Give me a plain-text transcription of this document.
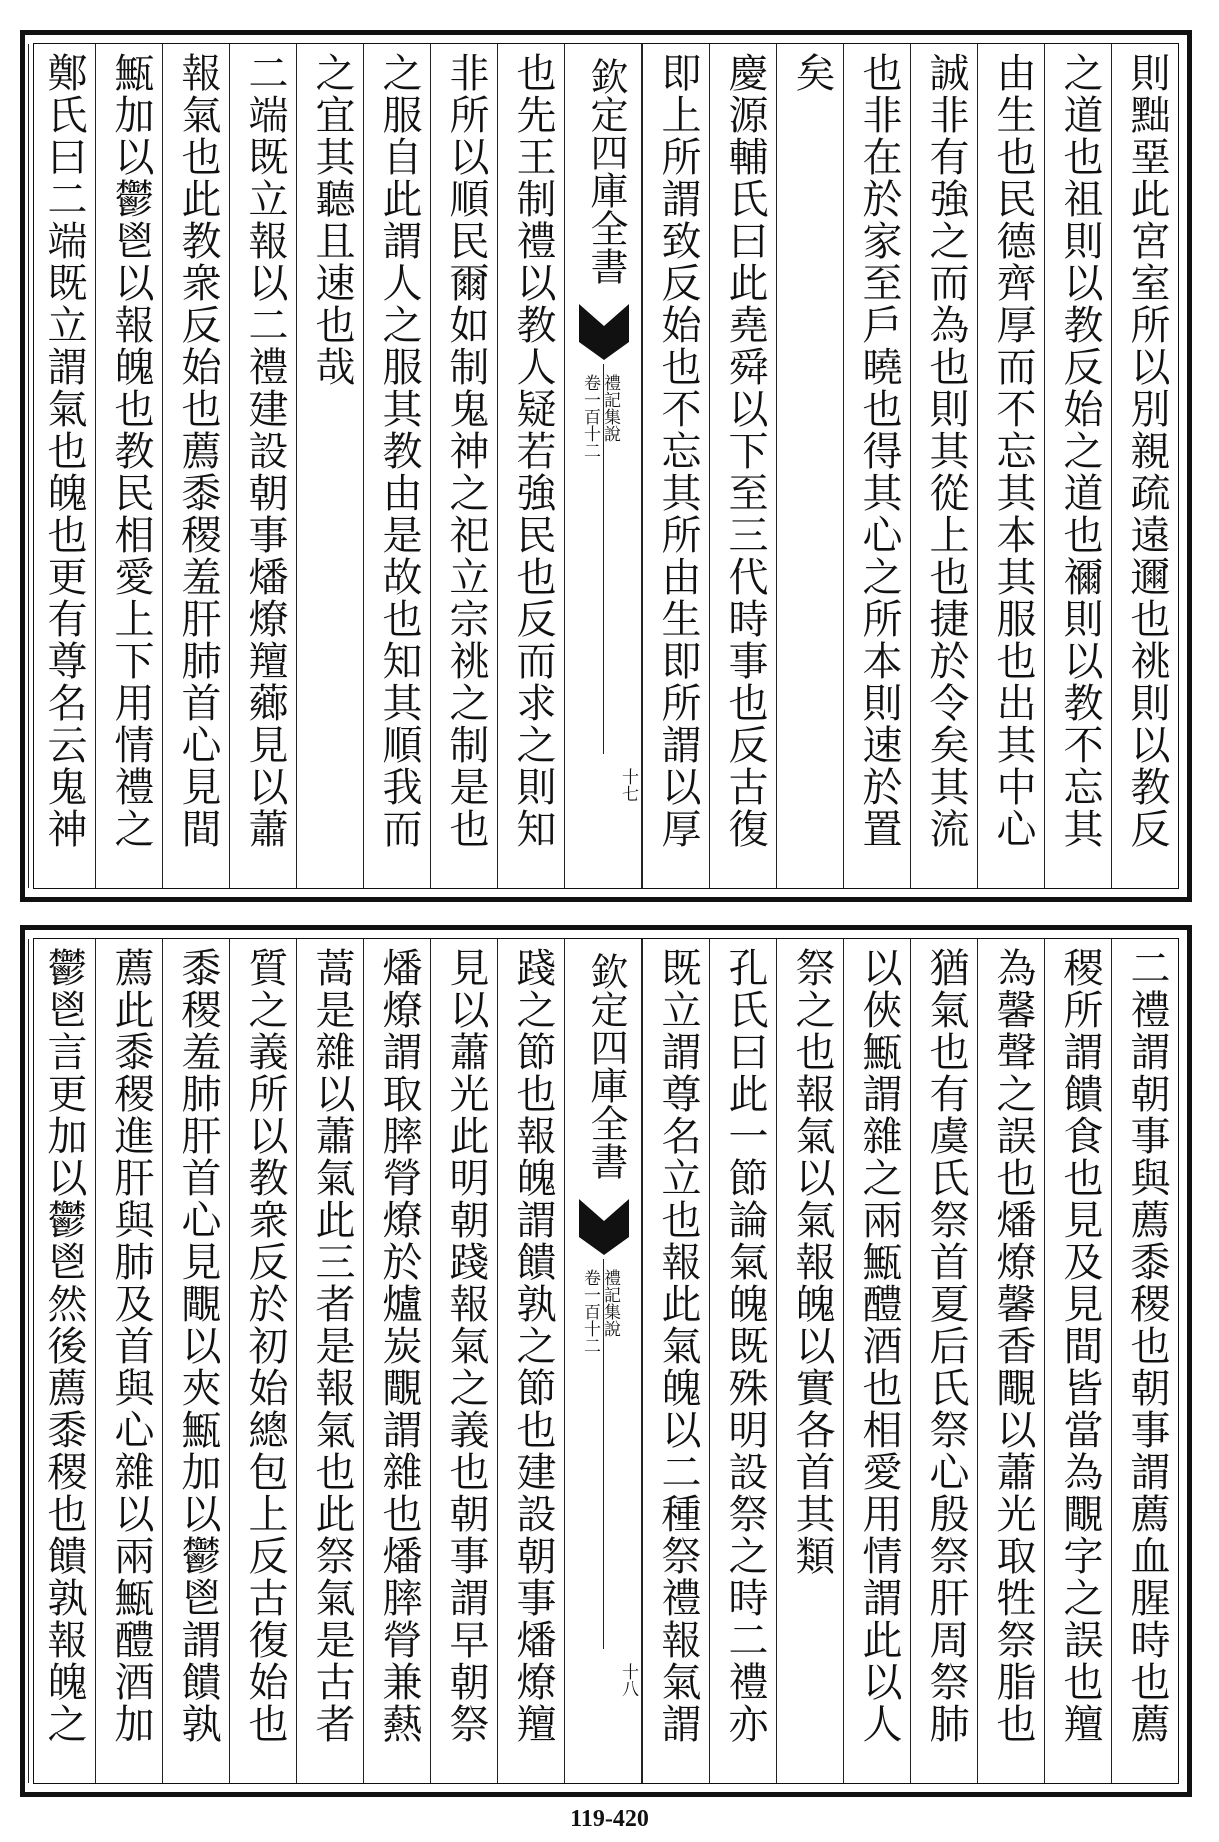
則黜堊此宮室所以別親疏遠邇也祧則以教反
之道也祖則以教反始之道也禰則以教不忘其
由生也民德齊厚而不忘其本其服也出其中心
誠非有強之而為也則其從上也捷於令矣其流
也非在於家至戶曉也得其心之所本則速於置
矣
慶源輔氏曰此堯舜以下至三代時事也反古復
即上所謂致反始也不忘其所由生即所謂以厚
欽定四庫全書
禮記集說
卷一百十二
十七
也先王制禮以教人疑若強民也反而求之則知
非所以順民爾如制鬼神之祀立宗祧之制是也
之服自此謂人之服其教由是故也知其順我而
之宜其聽且速也哉
二端既立報以二禮建設朝事燔燎羶薌見以蕭
報氣也此教衆反始也薦黍稷羞肝肺首心見間
甒加以鬱鬯以報魄也教民相愛上下用情禮之
鄭氏曰二端既立謂氣也魄也更有尊名云鬼神
二禮謂朝事與薦黍稷也朝事謂薦血腥時也薦
稷所謂饋食也見及見間皆當為覸字之誤也羶
為馨聲之誤也燔燎馨香覸以蕭光取牲祭脂也
猶氣也有虞氏祭首夏后氏祭心殷祭肝周祭肺
以俠甒謂雜之兩甒醴酒也相愛用情謂此以人
祭之也報氣以氣報魄以實各首其類
孔氏曰此一節論氣魄既殊明設祭之時二禮亦
既立謂尊名立也報此氣魄以二種祭禮報氣謂
欽定四庫全書
禮記集說
卷一百十二
十八
踐之節也報魄謂饋孰之節也建設朝事燔燎羶
見以蕭光此明朝踐報氣之義也朝事謂早朝祭
燔燎謂取膟膋燎於爐炭覸謂雜也燔膟膋兼爇
蒿是雜以蕭氣此三者是報氣也此祭氣是古者
質之義所以教衆反於初始總包上反古復始也
黍稷羞肺肝首心見覸以夾甒加以鬱鬯謂饋孰
薦此黍稷進肝與肺及首與心雜以兩甒醴酒加
鬱鬯言更加以鬱鬯然後薦黍稷也饋孰報魄之
119-420
